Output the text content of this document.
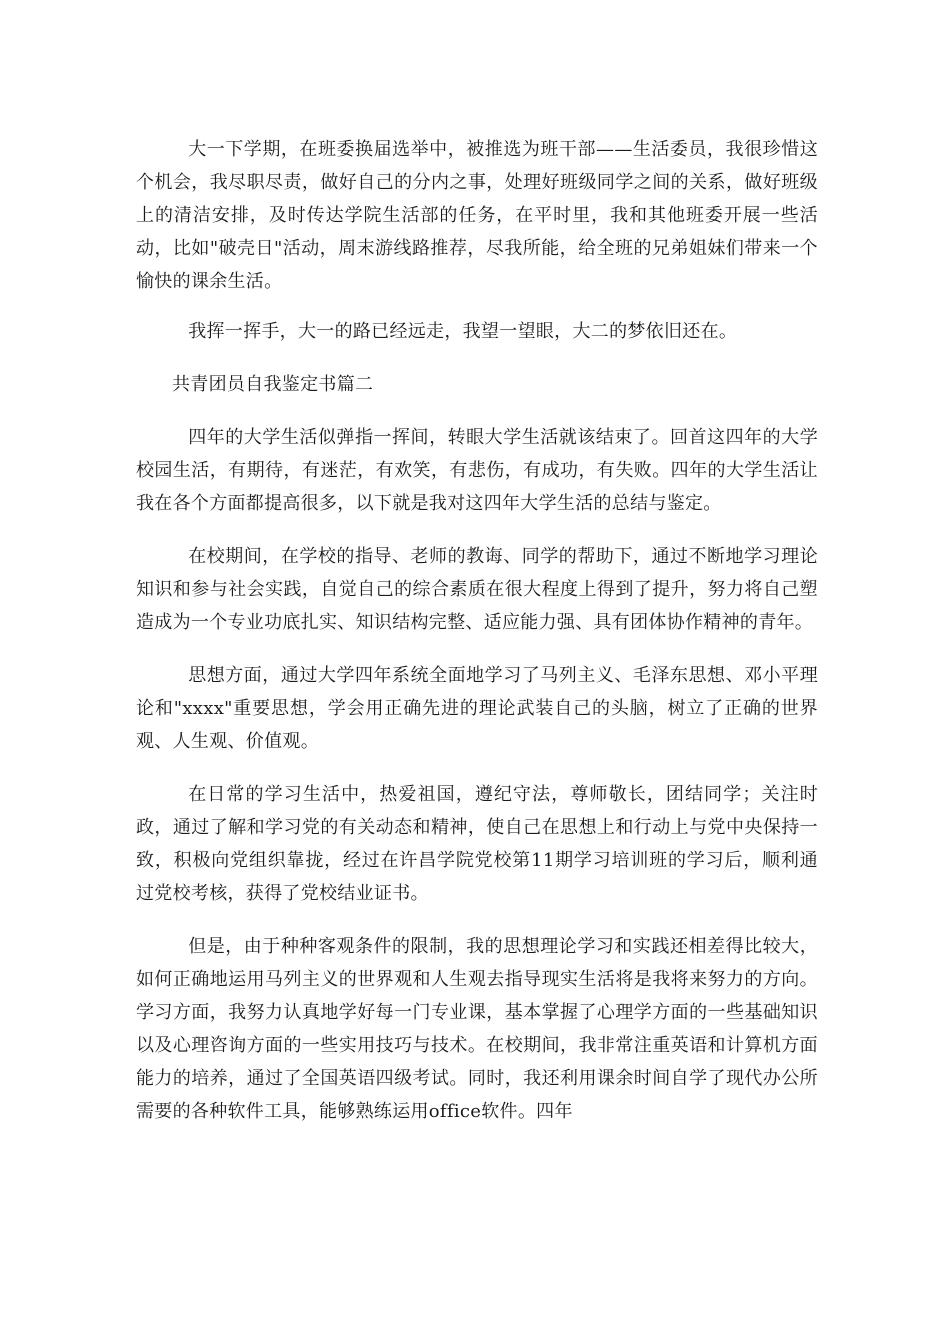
大一下学期，在班委换届选举中，被推选为班干部——生活委员，我很珍惜这个机会，我尽职尽责，做好自己的分内之事，处理好班级同学之间的关系，做好班级上的清洁安排，及时传达学院生活部的任务，在平时里，我和其他班委开展一些活动，比如"破壳日"活动，周末游线路推荐，尽我所能，给全班的兄弟姐妹们带来一个愉快的课余生活。

我挥一挥手，大一的路已经远走，我望一望眼，大二的梦依旧还在。

共青团员自我鉴定书篇二

四年的大学生活似弹指一挥间，转眼大学生活就该结束了。回首这四年的大学校园生活，有期待，有迷茫，有欢笑，有悲伤，有成功，有失败。四年的大学生活让我在各个方面都提高很多，以下就是我对这四年大学生活的总结与鉴定。

在校期间，在学校的指导、老师的教诲、同学的帮助下，通过不断地学习理论知识和参与社会实践，自觉自己的综合素质在很大程度上得到了提升，努力将自己塑造成为一个专业功底扎实、知识结构完整、适应能力强、具有团体协作精神的青年。

思想方面，通过大学四年系统全面地学习了马列主义、毛泽东思想、邓小平理论和"xxxx"重要思想，学会用正确先进的理论武装自己的头脑，树立了正确的世界观、人生观、价值观。

在日常的学习生活中，热爱祖国，遵纪守法，尊师敬长，团结同学；关注时政，通过了解和学习党的有关动态和精神，使自己在思想上和行动上与党中央保持一致，积极向党组织靠拢，经过在许昌学院党校第11期学习培训班的学习后，顺利通过党校考核，获得了党校结业证书。

但是，由于种种客观条件的限制，我的思想理论学习和实践还相差得比较大，如何正确地运用马列主义的世界观和人生观去指导现实生活将是我将来努力的方向。学习方面，我努力认真地学好每一门专业课，基本掌握了心理学方面的一些基础知识以及心理咨询方面的一些实用技巧与技术。在校期间，我非常注重英语和计算机方面能力的培养，通过了全国英语四级考试。同时，我还利用课余时间自学了现代办公所需要的各种软件工具，能够熟练运用office软件。四年
